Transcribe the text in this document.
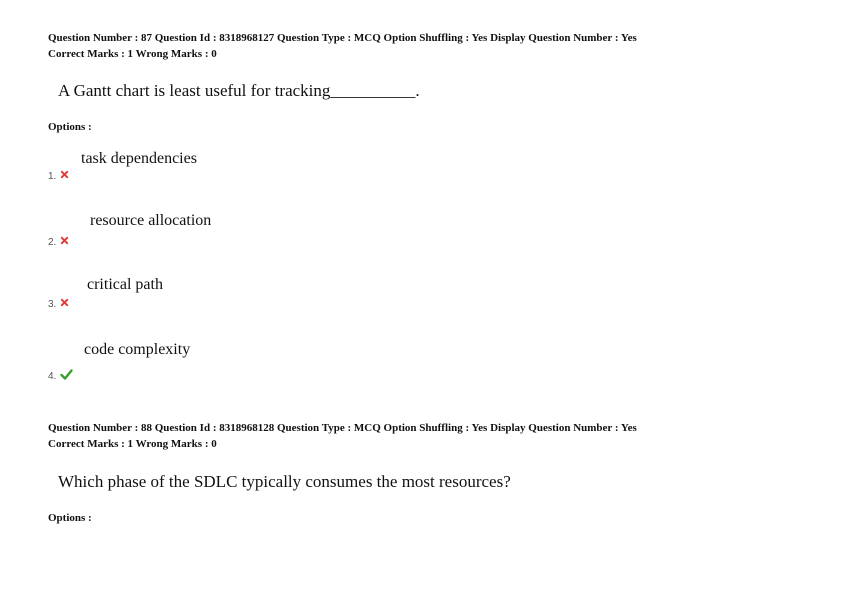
Question Number : 87 Question Id : 8318968127 Question Type : MCQ Option Shuffling : Yes Display Question Number : Yes
Correct Marks : 1 Wrong Marks : 0
A Gantt chart is least useful for tracking__________.
Options :
task dependencies
1.
resource allocation
2.
critical path
3.
code complexity
4.
Question Number : 88 Question Id : 8318968128 Question Type : MCQ Option Shuffling : Yes Display Question Number : Yes
Correct Marks : 1 Wrong Marks : 0
Which phase of the SDLC typically consumes the most resources?
Options :
